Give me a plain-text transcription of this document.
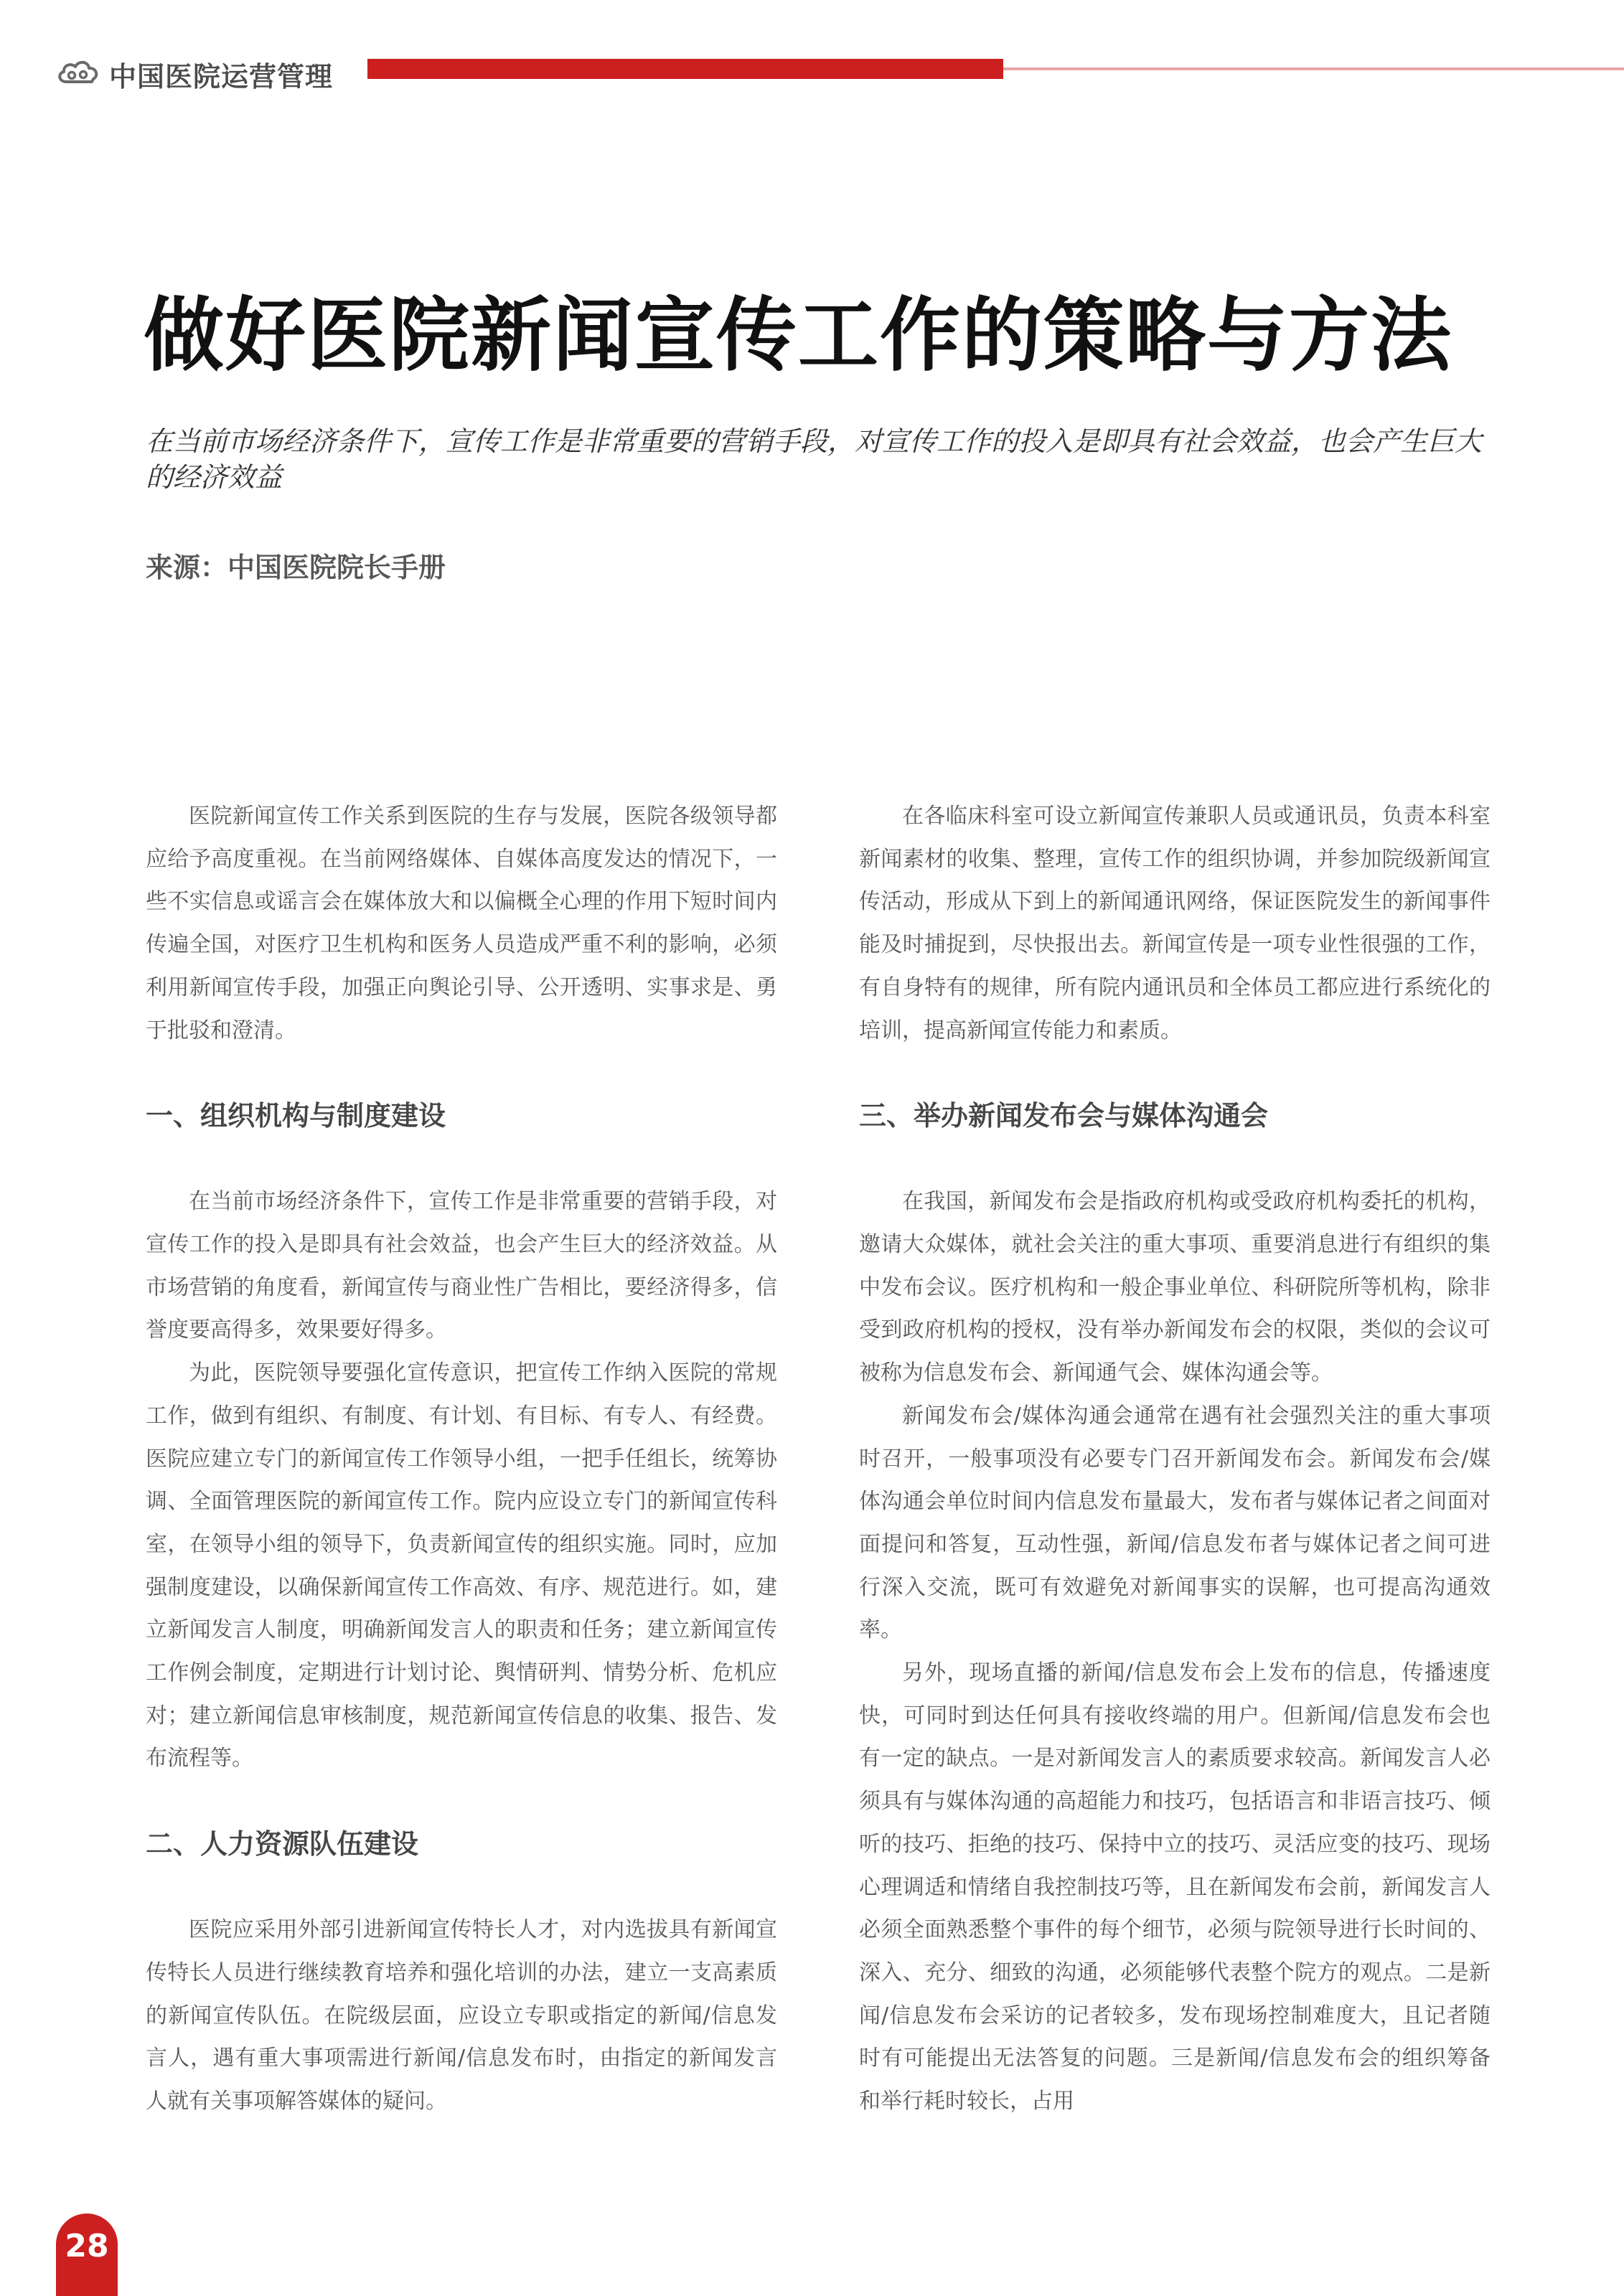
中国医院运营管理
做好医院新闻宣传工作的策略与方法
在当前市场经济条件下，宣传工作是非常重要的营销手段，对宣传工作的投入是即具有社会效益，也会产生巨大的经济效益
来源：中国医院院长手册

医院新闻宣传工作关系到医院的生存与发展，医院各级领导都应给予高度重视。在当前网络媒体、自媒体高度发达的情况下，一些不实信息或谣言会在媒体放大和以偏概全心理的作用下短时间内传遍全国，对医疗卫生机构和医务人员造成严重不利的影响，必须利用新闻宣传手段，加强正向舆论引导、公开透明、实事求是、勇于批驳和澄清。

一、组织机构与制度建设

在当前市场经济条件下，宣传工作是非常重要的营销手段，对宣传工作的投入是即具有社会效益，也会产生巨大的经济效益。从市场营销的角度看，新闻宣传与商业性广告相比，要经济得多，信誉度要高得多，效果要好得多。

为此，医院领导要强化宣传意识，把宣传工作纳入医院的常规工作，做到有组织、有制度、有计划、有目标、有专人、有经费。医院应建立专门的新闻宣传工作领导小组，一把手任组长，统筹协调、全面管理医院的新闻宣传工作。院内应设立专门的新闻宣传科室，在领导小组的领导下，负责新闻宣传的组织实施。同时，应加强制度建设，以确保新闻宣传工作高效、有序、规范进行。如，建立新闻发言人制度，明确新闻发言人的职责和任务；建立新闻宣传工作例会制度，定期进行计划讨论、舆情研判、情势分析、危机应对；建立新闻信息审核制度，规范新闻宣传信息的收集、报告、发布流程等。

二、人力资源队伍建设

医院应采用外部引进新闻宣传特长人才，对内选拔具有新闻宣传特长人员进行继续教育培养和强化培训的办法，建立一支高素质的新闻宣传队伍。在院级层面，应设立专职或指定的新闻/信息发言人，遇有重大事项需进行新闻/信息发布时，由指定的新闻发言人就有关事项解答媒体的疑问。

在各临床科室可设立新闻宣传兼职人员或通讯员，负责本科室新闻素材的收集、整理，宣传工作的组织协调，并参加院级新闻宣传活动，形成从下到上的新闻通讯网络，保证医院发生的新闻事件能及时捕捉到，尽快报出去。新闻宣传是一项专业性很强的工作，有自身特有的规律，所有院内通讯员和全体员工都应进行系统化的培训，提高新闻宣传能力和素质。

三、举办新闻发布会与媒体沟通会

在我国，新闻发布会是指政府机构或受政府机构委托的机构，邀请大众媒体，就社会关注的重大事项、重要消息进行有组织的集中发布会议。医疗机构和一般企事业单位、科研院所等机构，除非受到政府机构的授权，没有举办新闻发布会的权限，类似的会议可被称为信息发布会、新闻通气会、媒体沟通会等。

新闻发布会/媒体沟通会通常在遇有社会强烈关注的重大事项时召开，一般事项没有必要专门召开新闻发布会。新闻发布会/媒体沟通会单位时间内信息发布量最大，发布者与媒体记者之间面对面提问和答复，互动性强，新闻/信息发布者与媒体记者之间可进行深入交流，既可有效避免对新闻事实的误解，也可提高沟通效率。

另外，现场直播的新闻/信息发布会上发布的信息，传播速度快，可同时到达任何具有接收终端的用户。但新闻/信息发布会也有一定的缺点。一是对新闻发言人的素质要求较高。新闻发言人必须具有与媒体沟通的高超能力和技巧，包括语言和非语言技巧、倾听的技巧、拒绝的技巧、保持中立的技巧、灵活应变的技巧、现场心理调适和情绪自我控制技巧等，且在新闻发布会前，新闻发言人必须全面熟悉整个事件的每个细节，必须与院领导进行长时间的、深入、充分、细致的沟通，必须能够代表整个院方的观点。二是新闻/信息发布会采访的记者较多，发布现场控制难度大，且记者随时有可能提出无法答复的问题。三是新闻/信息发布会的组织筹备和举行耗时较长，占用

28
